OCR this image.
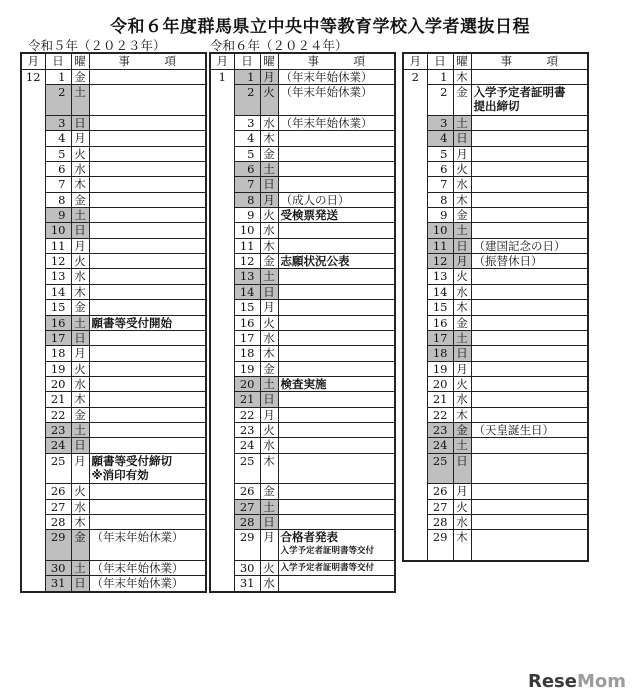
令和６年度群馬県立中央中等教育学校入学者選抜日程
令和５年（２０２３年）	令和６年（２０２４年）
月	日	曜	事　　　項
12	1	金	
	2	土	
	3	日	
	4	月	
	5	火	
	6	水	
	7	木	
	8	金	
	9	土	
	10	日	
	11	月	
	12	火	
	13	水	
	14	木	
	15	金	
	16	土	願書等受付開始
	17	日	
	18	月	
	19	火	
	20	水	
	21	木	
	22	金	
	23	土	
	24	日	
	25	月	願書等受付締切
※消印有効
	26	火	
	27	水	
	28	木	
	29	金	（年末年始休業）
	30	土	（年末年始休業）
	31	日	（年末年始休業）
月	日	曜	事　　　項
1	1	月	（年末年始休業）
	2	火	（年末年始休業）
	3	水	（年末年始休業）
	4	木	
	5	金	
	6	土	
	7	日	
	8	月	（成人の日）
	9	火	受検票発送
	10	水	
	11	木	
	12	金	志願状況公表
	13	土	
	14	日	
	15	月	
	16	火	
	17	水	
	18	木	
	19	金	
	20	土	検査実施
	21	日	
	22	月	
	23	火	
	24	水	
	25	木	
	26	金	
	27	土	
	28	日	
	29	月	合格者発表
入学予定者証明書等交付

	30	火	入学予定者証明書等交付

	31	水	
月	日	曜	事　　　項
2	1	木	
	2	金	入学予定者証明書
提出締切
	3	土	
	4	日	
	5	月	
	6	火	
	7	水	
	8	木	
	9	金	
	10	土	
	11	日	（建国記念の日）
	12	月	（振替休日）
	13	火	
	14	水	
	15	木	
	16	金	
	17	土	
	18	日	
	19	月	
	20	火	
	21	水	
	22	木	
	23	金	（天皇誕生日）
	24	土	
	25	日	
	26	月	
	27	火	
	28	水	
	29	木	
ReseMom
